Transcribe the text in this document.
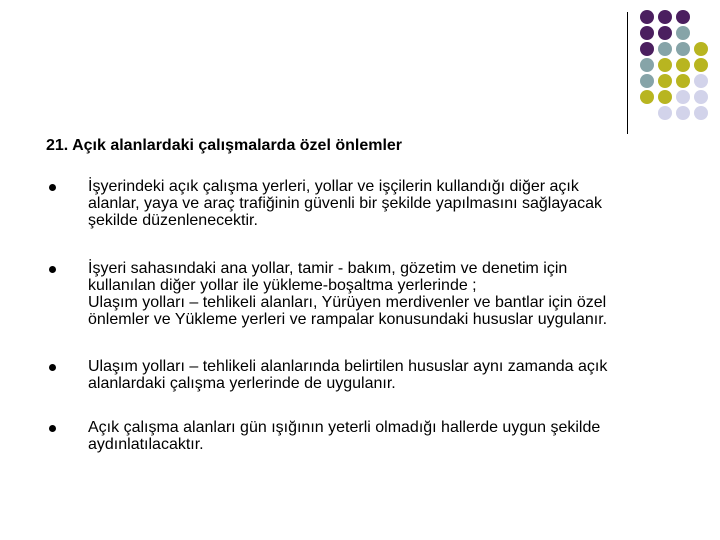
21. Açık alanlardaki çalışmalarda özel önlemler

İşyerindeki açık çalışma yerleri, yollar ve işçilerin kullandığı diğer açık

alanlar, yaya ve araç trafiğinin güvenli bir şekilde yapılmasını sağlayacak

şekilde düzenlenecektir.

İşyeri sahasındaki ana yollar, tamir - bakım, gözetim ve denetim için

kullanılan diğer yollar ile yükleme-boşaltma yerlerinde ;

Ulaşım yolları – tehlikeli alanları, Yürüyen merdivenler ve bantlar için özel

önlemler ve Yükleme yerleri ve rampalar konusundaki hususlar uygulanır.

Ulaşım yolları – tehlikeli alanlarında belirtilen hususlar aynı zamanda açık

alanlardaki çalışma yerlerinde de uygulanır.

Açık çalışma alanları gün ışığının yeterli olmadığı hallerde uygun şekilde

aydınlatılacaktır.
